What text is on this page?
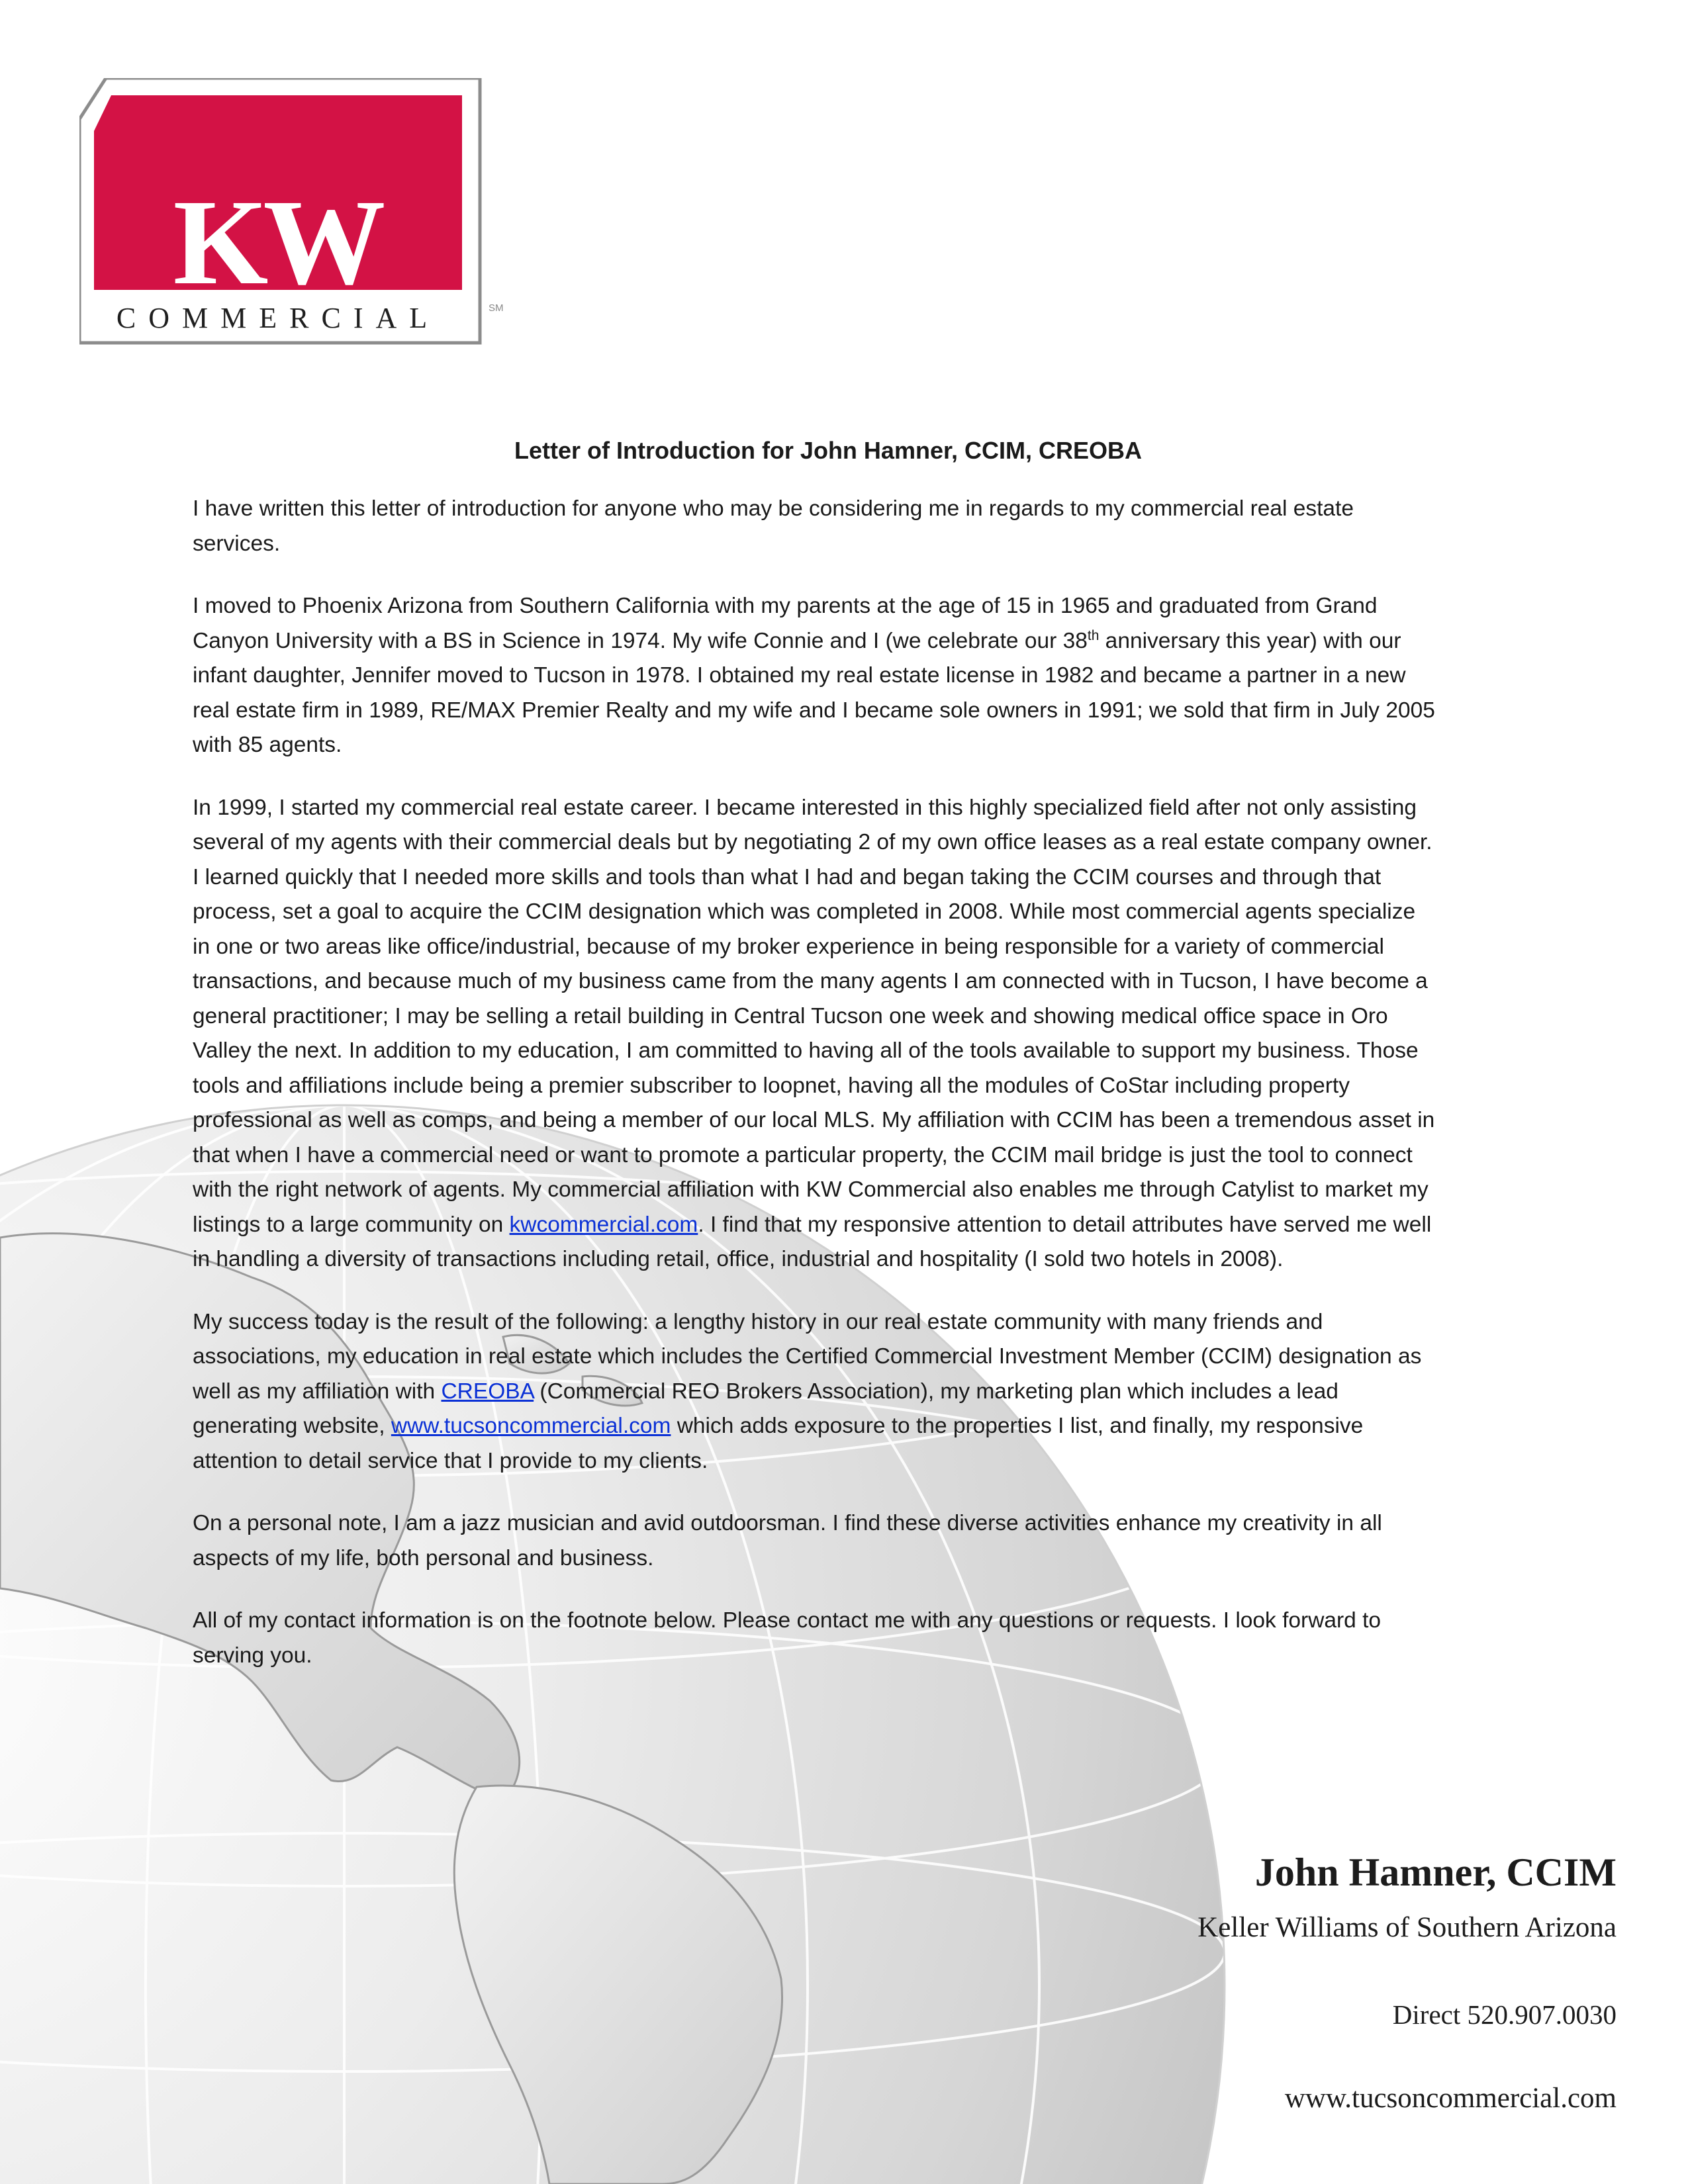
KW
COMMERCIAL	SM
Letter of Introduction for John Hamner, CCIM, CREOBA

I have written this letter of introduction for anyone who may be considering me in regards to my commercial real estate services.

I moved to Phoenix Arizona from Southern California with my parents at the age of 15 in 1965 and graduated from Grand Canyon University with a BS in Science in 1974. My wife Connie and I (we celebrate our 38th anniversary this year) with our infant daughter, Jennifer moved to Tucson in 1978. I obtained my real estate license in 1982 and became a partner in a new real estate firm in 1989, RE/MAX Premier Realty and my wife and I became sole owners in 1991; we sold that firm in July 2005 with 85 agents.

In 1999, I started my commercial real estate career. I became interested in this highly specialized field after not only assisting several of my agents with their commercial deals but by negotiating 2 of my own office leases as a real estate company owner. I learned quickly that I needed more skills and tools than what I had and began taking the CCIM courses and through that process, set a goal to acquire the CCIM designation which was completed in 2008. While most commercial agents specialize in one or two areas like office/industrial, because of my broker experience in being responsible for a variety of commercial transactions, and because much of my business came from the many agents I am connected with in Tucson, I have become a general practitioner; I may be selling a retail building in Central Tucson one week and showing medical office space in Oro Valley the next. In addition to my education, I am committed to having all of the tools available to support my business. Those tools and affiliations include being a premier subscriber to loopnet, having all the modules of CoStar including property professional as well as comps, and being a member of our local MLS. My affiliation with CCIM has been a tremendous asset in that when I have a commercial need or want to promote a particular property, the CCIM mail bridge is just the tool to connect with the right network of agents. My commercial affiliation with KW Commercial also enables me through Catylist to market my listings to a large community on kwcommercial.com. I find that my responsive attention to detail attributes have served me well in handling a diversity of transactions including retail, office, industrial and hospitality (I sold two hotels in 2008).

My success today is the result of the following: a lengthy history in our real estate community with many friends and associations, my education in real estate which includes the Certified Commercial Investment Member (CCIM) designation as well as my affiliation with CREOBA (Commercial REO Brokers Association), my marketing plan which includes a lead generating website, www.tucsoncommercial.com which adds exposure to the properties I list, and finally, my responsive attention to detail service that I provide to my clients.

On a personal note, I am a jazz musician and avid outdoorsman. I find these diverse activities enhance my creativity in all aspects of my life, both personal and business.

All of my contact information is on the footnote below. Please contact me with any questions or requests. I look forward to serving you.

John Hamner, CCIM
Keller Williams of Southern Arizona
Direct 520.907.0030
www.tucsoncommercial.com
